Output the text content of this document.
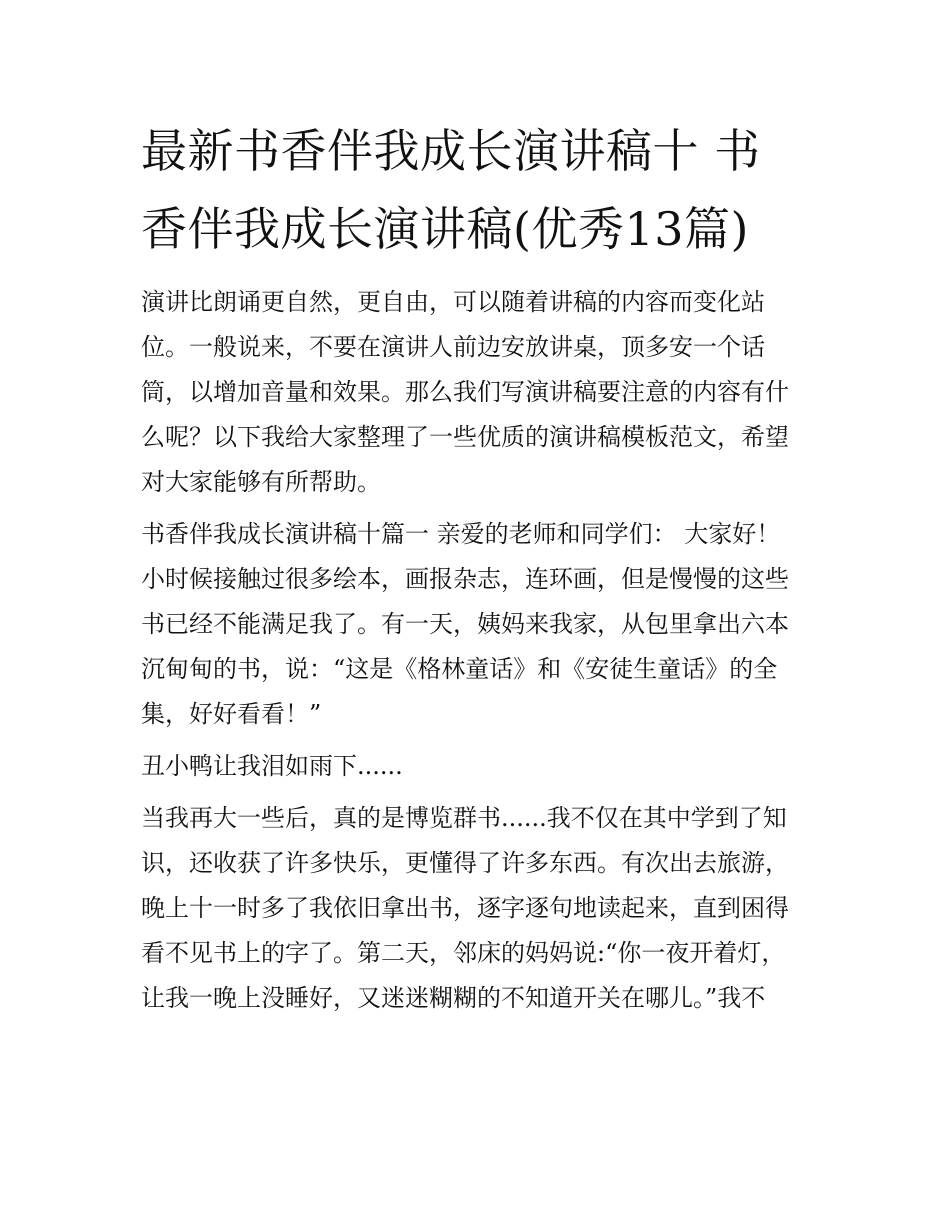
最新书香伴我成长演讲稿十 书
香伴我成长演讲稿(优秀13篇)
演讲比朗诵更自然，更自由，可以随着讲稿的内容而变化站
位。一般说来，不要在演讲人前边安放讲桌，顶多安一个话
筒，以增加音量和效果。那么我们写演讲稿要注意的内容有什
么呢？以下我给大家整理了一些优质的演讲稿模板范文，希望
对大家能够有所帮助。
书香伴我成长演讲稿十篇一 亲爱的老师和同学们： 大家好！
小时候接触过很多绘本，画报杂志，连环画，但是慢慢的这些
书已经不能满足我了。有一天，姨妈来我家，从包里拿出六本
沉甸甸的书，说：“这是《格林童话》和《安徒生童话》的全
集，好好看看！”
丑小鸭让我泪如雨下......
当我再大一些后，真的是博览群书......我不仅在其中学到了知
识，还收获了许多快乐，更懂得了许多东西。有次出去旅游，
晚上十一时多了我依旧拿出书，逐字逐句地读起来，直到困得
看不见书上的字了。第二天，邻床的妈妈说:“你一夜开着灯，
让我一晚上没睡好，又迷迷糊糊的不知道开关在哪儿。”我不
